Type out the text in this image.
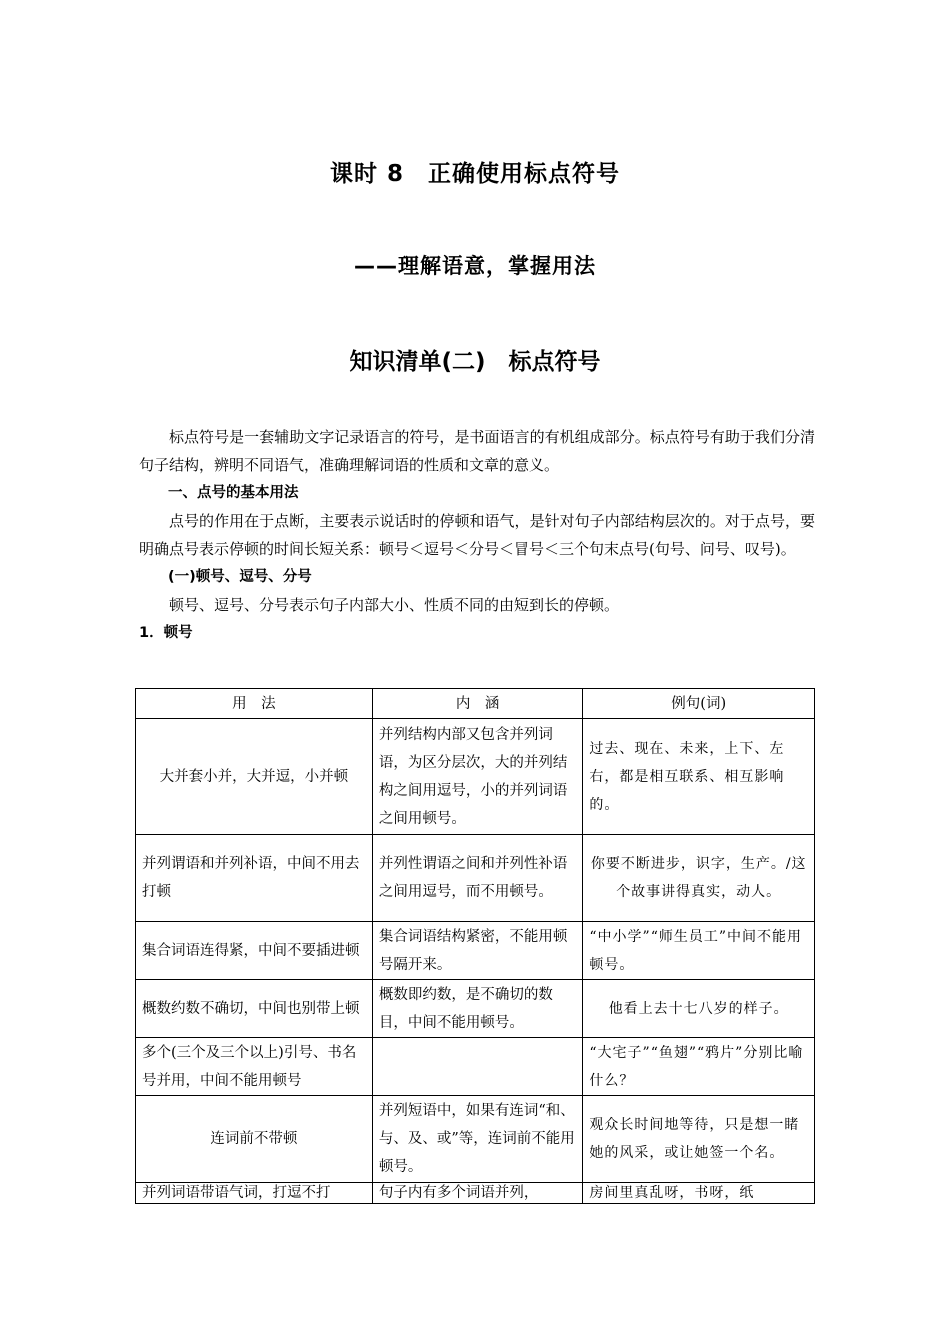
课时 8　正确使用标点符号
——理解语意，掌握用法
知识清单(二)　标点符号

标点符号是一套辅助文字记录语言的符号，是书面语言的有机组成部分。标点符号有助于我们分清句子结构，辨明不同语气，准确理解词语的性质和文章的意义。

一、点号的基本用法

点号的作用在于点断，主要表示说话时的停顿和语气，是针对句子内部结构层次的。对于点号，要明确点号表示停顿的时间长短关系：顿号＜逗号＜分号＜冒号＜三个句末点号(句号、问号、叹号)。

(一)顿号、逗号、分号

顿号、逗号、分号表示句子内部大小、性质不同的由短到长的停顿。

1．顿号

用　法	内　涵	例句(词)
大并套小并，大并逗，小并顿	并列结构内部又包含并列词语，为区分层次，大的并列结构之间用逗号，小的并列词语之间用顿号。	过去、现在、未来，上下、左右，都是相互联系、相互影响的。
并列谓语和并列补语，中间不用去打顿	并列性谓语之间和并列性补语之间用逗号，而不用顿号。	你要不断进步，识字，生产。/这个故事讲得真实，动人。
集合词语连得紧，中间不要插进顿	集合词语结构紧密，不能用顿号隔开来。	“中小学”“师生员工”中间不能用顿号。
概数约数不确切，中间也别带上顿	概数即约数，是不确切的数目，中间不能用顿号。	他看上去十七八岁的样子。
多个(三个及三个以上)引号、书名号并用，中间不能用顿号		“大宅子”“鱼翅”“鸦片”分别比喻什么？
连词前不带顿	并列短语中，如果有连词“和、与、及、或”等，连词前不能用顿号。	观众长时间地等待，只是想一睹她的风采，或让她签一个名。
并列词语带语气词，打逗不打	句子内有多个词语并列，	房间里真乱呀，书呀，纸
